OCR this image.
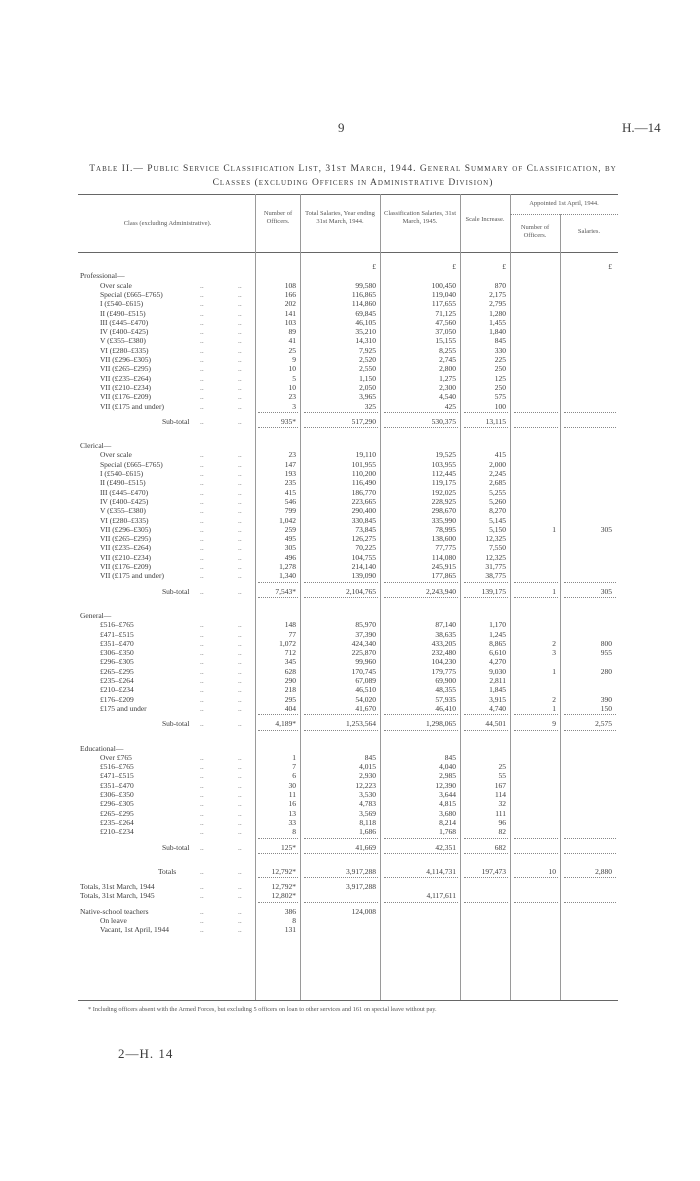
9	H.—14
Table II.— Public Service Classification List, 31st March, 1944. General Summary of Classification, by Classes (excluding Officers in Administrative Division)
Class (excluding Administrative).
Number of Officers.
Total Salaries, Year ending 31st March, 1944.
Classification Salaries, 31st March, 1945.	Scale Increase.
Appointed 1st April, 1944.
Number of Officers.
Salaries.
£	£	£	£
Professional—
Over scale	..	..	108	99,580	100,450	870
Special (£665–£765)	..	..	166	116,865	119,040	2,175
I (£540–£615)	..	..	202	114,860	117,655	2,795
II (£490–£515)	..	..	141	69,845	71,125	1,280
III (£445–£470)	..	..	103	46,105	47,560	1,455
IV (£400–£425)	..	..	89	35,210	37,050	1,840
V (£355–£380)	..	..	41	14,310	15,155	845
VI (£280–£335)	..	..	25	7,925	8,255	330
VII (£296–£305)	..	..	9	2,520	2,745	225
VII (£265–£295)	..	..	10	2,550	2,800	250
VII (£235–£264)	..	..	5	1,150	1,275	125
VII (£210–£234)	..	..	10	2,050	2,300	250
VII (£176–£209)	..	..	23	3,965	4,540	575
VII (£175 and under)	..	..	3	325	425	100
Sub-total ..	..	935*	517,290	530,375	13,115
Clerical—
Over scale	..	..	23	19,110	19,525	415
Special (£665–£765)	..	..	147	101,955	103,955	2,000
I (£540–£615)	..	..	193	110,200	112,445	2,245
II (£490–£515)	..	..	235	116,490	119,175	2,685
III (£445–£470)	..	..	415	186,770	192,025	5,255
IV (£400–£425)	..	..	546	223,665	228,925	5,260
V (£355–£380)	..	..	799	290,400	298,670	8,270
VI (£280–£335)	..	..	1,042	330,845	335,990	5,145
VII (£296–£305)	..	..	259	73,845	78,995	5,150	1	305
VII (£265–£295)	..	..	495	126,275	138,600	12,325
VII (£235–£264)	..	..	305	70,225	77,775	7,550
VII (£210–£234)	..	..	496	104,755	114,080	12,325
VII (£176–£209)	..	..	1,278	214,140	245,915	31,775
VII (£175 and under)	..	..	1,340	139,090	177,865	38,775
Sub-total ..	..	7,543*	2,104,765	2,243,940	139,175	1	305
General—
£516–£765	..	..	148	85,970	87,140	1,170
£471–£515	..	..	77	37,390	38,635	1,245
£351–£470	..	..	1,072	424,340	433,205	8,865	2	800
£306–£350	..	..	712	225,870	232,480	6,610	3	955
£296–£305	..	..	345	99,960	104,230	4,270
£265–£295	..	..	628	170,745	179,775	9,030	1	280
£235–£264	..	..	290	67,089	69,900	2,811
£210–£234	..	..	218	46,510	48,355	1,845
£176–£209	..	..	295	54,020	57,935	3,915	2	390
£175 and under	..	..	404	41,670	46,410	4,740	1	150
Sub-total ..	..	4,189*	1,253,564	1,298,065	44,501	9	2,575
Educational—
Over £765	..	..	1	845	845
£516–£765	..	..	7	4,015	4,040	25
£471–£515	..	..	6	2,930	2,985	55
£351–£470	..	..	30	12,223	12,390	167
£306–£350	..	..	11	3,530	3,644	114
£296–£305	..	..	16	4,783	4,815	32
£265–£295	..	..	13	3,569	3,680	111
£235–£264	..	..	33	8,118	8,214	96
£210–£234	..	..	8	1,686	1,768	82
Sub-total ..	..	125*	41,669	42,351	682
Totals	..	..	12,792*	3,917,288	4,114,731	197,473	10	2,880
Totals, 31st March, 1944	..	..	12,792*	3,917,288
Totals, 31st March, 1945	..	..	12,802*	4,117,611
Native-school teachers	..	..	386	124,008
On leave	..	..	8
Vacant, 1st April, 1944	..	..	131
* Including officers absent with the Armed Forces, but excluding 5 officers on loan to other services and 161 on special leave without pay.
2—H. 14
